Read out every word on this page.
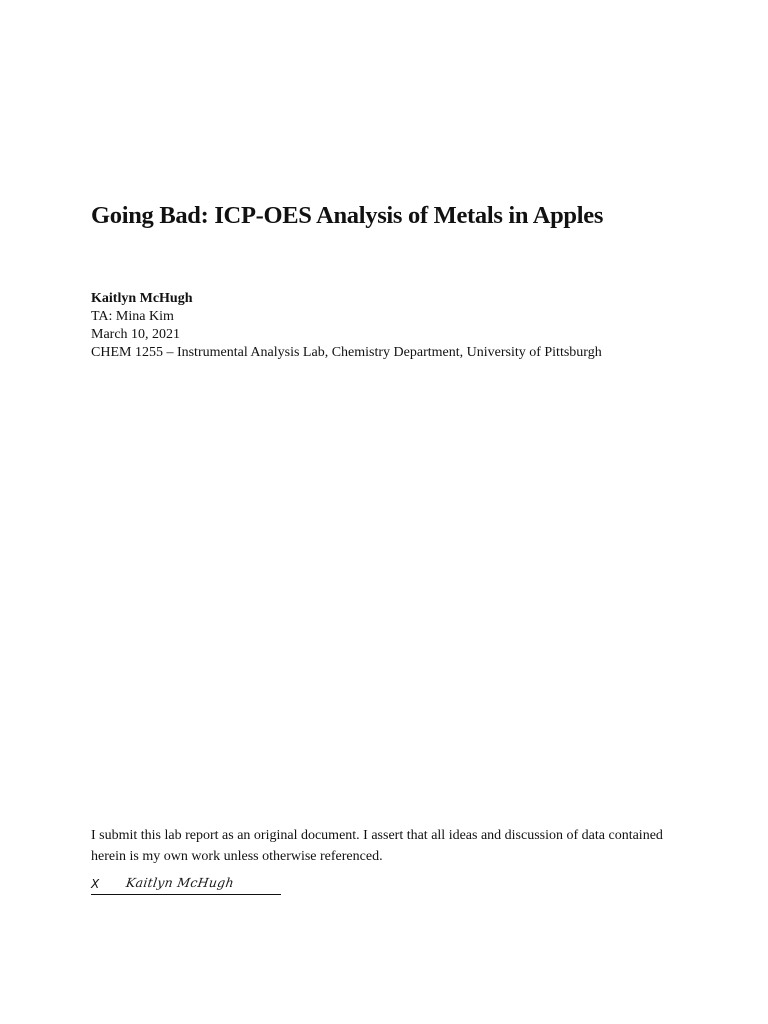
Going Bad: ICP-OES Analysis of Metals in Apples
Kaitlyn McHugh
TA: Mina Kim
March 10, 2021
CHEM 1255 – Instrumental Analysis Lab, Chemistry Department, University of Pittsburgh

I submit this lab report as an original document. I assert that all ideas and discussion of data contained herein is my own work unless otherwise referenced.

X Kaitlyn McHugh
